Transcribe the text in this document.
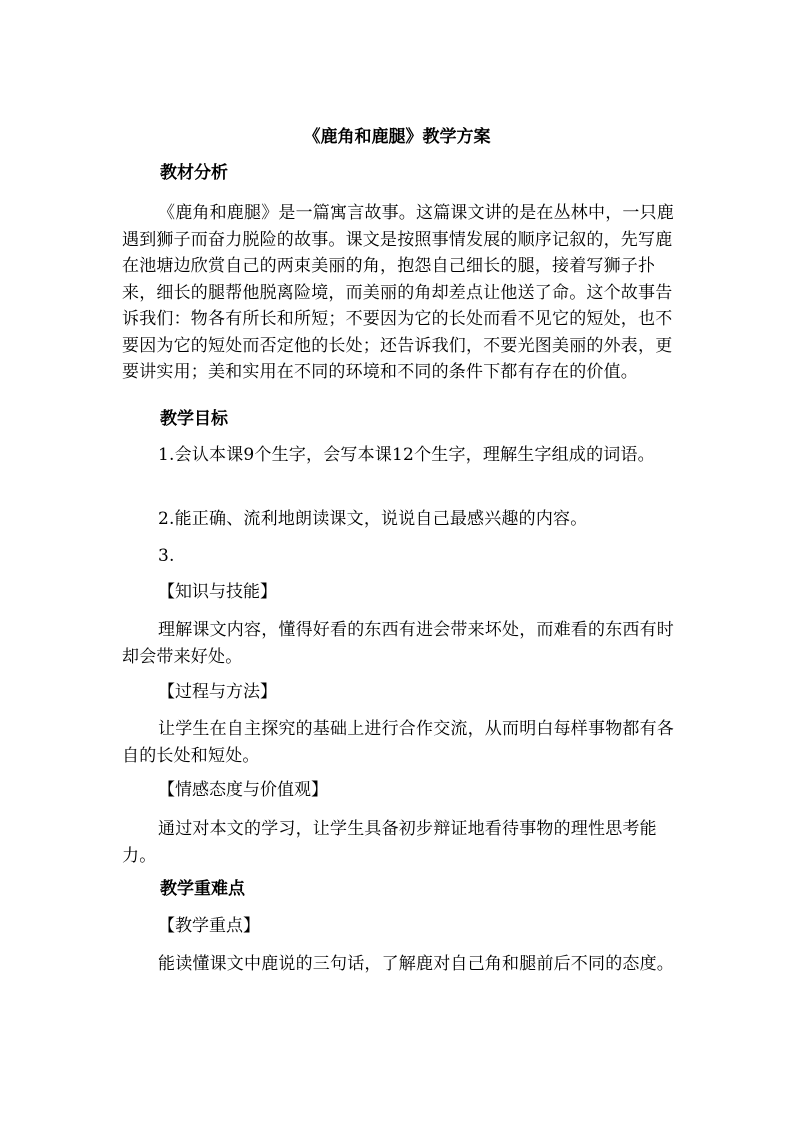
《鹿角和鹿腿》教学方案
教材分析
《鹿角和鹿腿》是一篇寓言故事。这篇课文讲的是在丛林中，一只鹿遇到狮子而奋力脱险的故事。课文是按照事情发展的顺序记叙的，先写鹿在池塘边欣赏自己的两束美丽的角，抱怨自己细长的腿，接着写狮子扑来，细长的腿帮他脱离险境，而美丽的角却差点让他送了命。这个故事告诉我们：物各有所长和所短；不要因为它的长处而看不见它的短处，也不要因为它的短处而否定他的长处；还告诉我们，不要光图美丽的外表，更要讲实用；美和实用在不同的环境和不同的条件下都有存在的价值。
教学目标
1.会认本课9个生字，会写本课12个生字，理解生字组成的词语。
2.能正确、流利地朗读课文，说说自己最感兴趣的内容。
3.
【知识与技能】
理解课文内容，懂得好看的东西有进会带来坏处，而难看的东西有时却会带来好处。
【过程与方法】
让学生在自主探究的基础上进行合作交流，从而明白每样事物都有各自的长处和短处。
【情感态度与价值观】
通过对本文的学习，让学生具备初步辩证地看待事物的理性思考能力。
教学重难点
【教学重点】
能读懂课文中鹿说的三句话，了解鹿对自己角和腿前后不同的态度。
